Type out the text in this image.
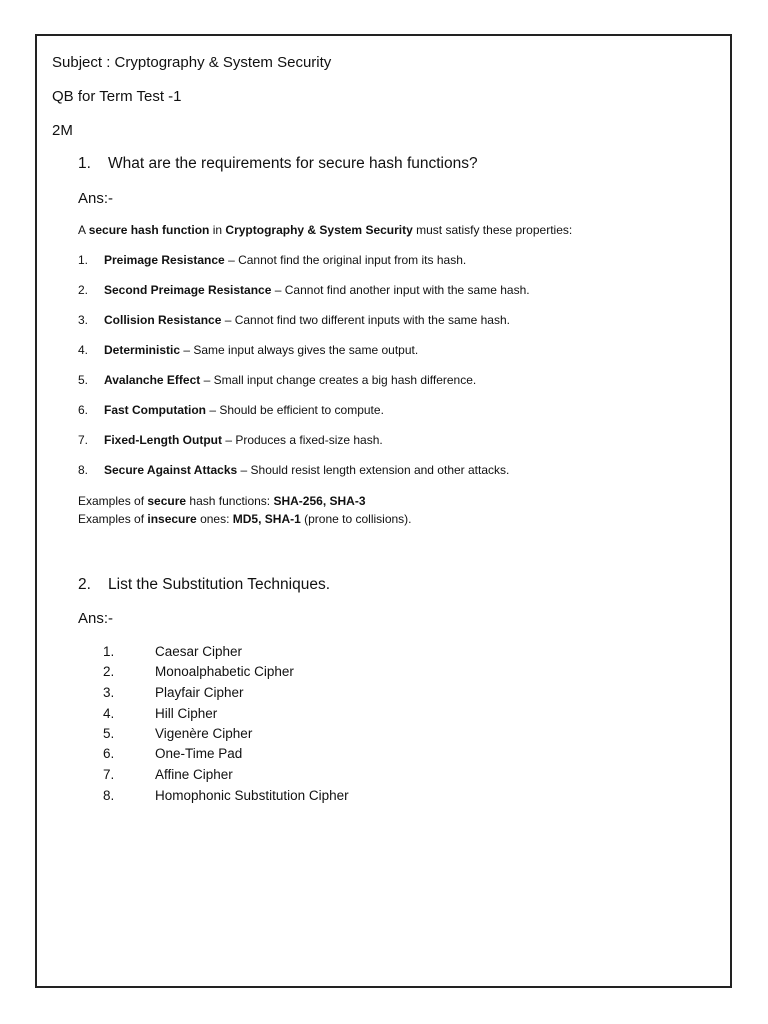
Subject : Cryptography & System Security
QB for Term Test -1
2M
1. What are the requirements for secure hash functions?
Ans:-
A secure hash function in Cryptography & System Security must satisfy these properties:
1. Preimage Resistance – Cannot find the original input from its hash.
2. Second Preimage Resistance – Cannot find another input with the same hash.
3. Collision Resistance – Cannot find two different inputs with the same hash.
4. Deterministic – Same input always gives the same output.
5. Avalanche Effect – Small input change creates a big hash difference.
6. Fast Computation – Should be efficient to compute.
7. Fixed-Length Output – Produces a fixed-size hash.
8. Secure Against Attacks – Should resist length extension and other attacks.
Examples of secure hash functions: SHA-256, SHA-3
Examples of insecure ones: MD5, SHA-1 (prone to collisions).
2. List the Substitution Techniques.
Ans:-
1.	Caesar Cipher
2.	Monoalphabetic Cipher
3.	Playfair Cipher
4.	Hill Cipher
5.	Vigenère Cipher
6.	One-Time Pad
7.	Affine Cipher
8.	Homophonic Substitution Cipher
